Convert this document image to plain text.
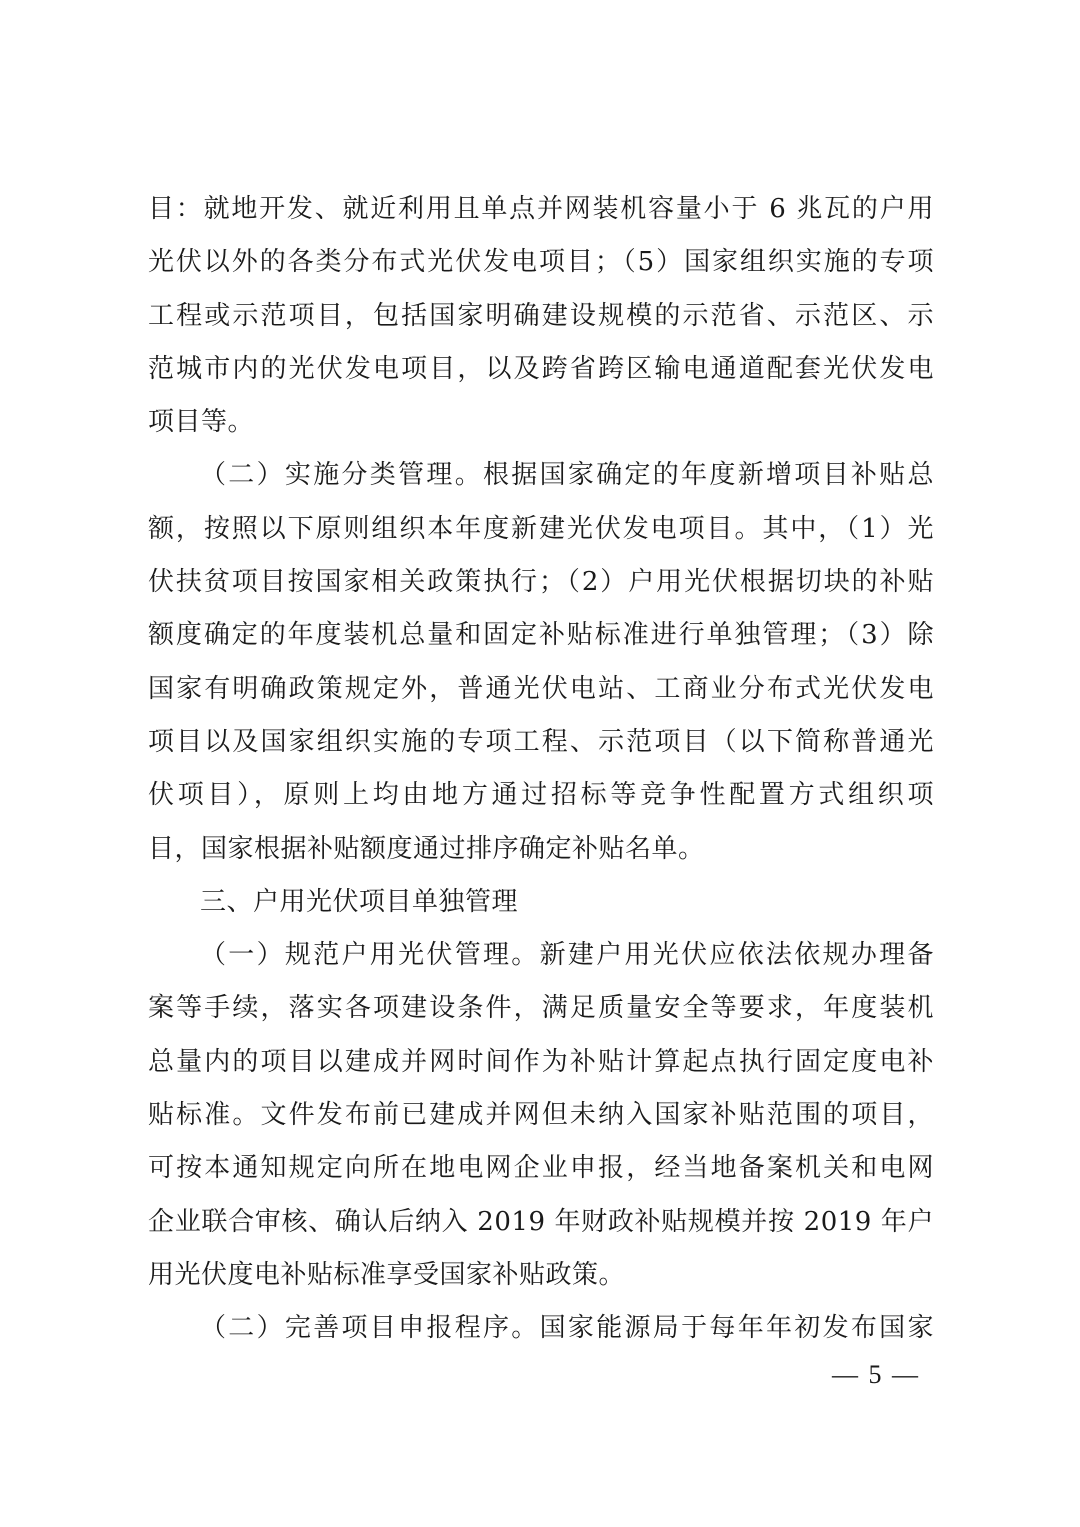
目：就地开发、就近利用且单点并网装机容量小于 6 兆瓦的户用
光伏以外的各类分布式光伏发电项目；（5）国家组织实施的专项
工程或示范项目，包括国家明确建设规模的示范省、示范区、示
范城市内的光伏发电项目，以及跨省跨区输电通道配套光伏发电
项目等。
（二）实施分类管理。根据国家确定的年度新增项目补贴总
额，按照以下原则组织本年度新建光伏发电项目。其中，（1）光
伏扶贫项目按国家相关政策执行；（2）户用光伏根据切块的补贴
额度确定的年度装机总量和固定补贴标准进行单独管理；（3）除
国家有明确政策规定外，普通光伏电站、工商业分布式光伏发电
项目以及国家组织实施的专项工程、示范项目（以下简称普通光
伏项目），原则上均由地方通过招标等竞争性配置方式组织项
目，国家根据补贴额度通过排序确定补贴名单。
三、户用光伏项目单独管理
（一）规范户用光伏管理。新建户用光伏应依法依规办理备
案等手续，落实各项建设条件，满足质量安全等要求，年度装机
总量内的项目以建成并网时间作为补贴计算起点执行固定度电补
贴标准。文件发布前已建成并网但未纳入国家补贴范围的项目，
可按本通知规定向所在地电网企业申报，经当地备案机关和电网
企业联合审核、确认后纳入 2019 年财政补贴规模并按 2019 年户
用光伏度电补贴标准享受国家补贴政策。
（二）完善项目申报程序。国家能源局于每年年初发布国家
— 5 —
